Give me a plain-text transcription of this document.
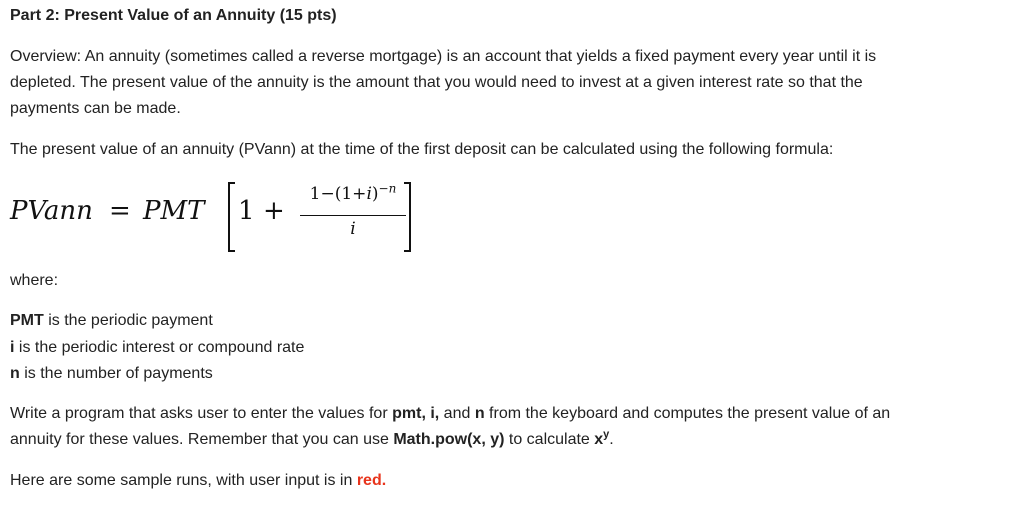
Part 2: Present Value of an Annuity (15 pts)
Overview: An annuity (sometimes called a reverse mortgage) is an account that yields a fixed payment every year until it is depleted. The present value of the annuity is the amount that you would need to invest at a given interest rate so that the payments can be made.
The present value of an annuity (PVann) at the time of the first deposit can be calculated using the following formula:
PVann = PMT 1 +
$1-(1+i)^{-n}$
i
where:
PMT is the periodic payment
i is the periodic interest or compound rate
n is the number of payments
Write a program that asks user to enter the values for pmt, i, and n from the keyboard and computes the present value of an annuity for these values. Remember that you can use Math.pow(x, y) to calculate $x^y$.
Here are some sample runs, with user input is in red.
